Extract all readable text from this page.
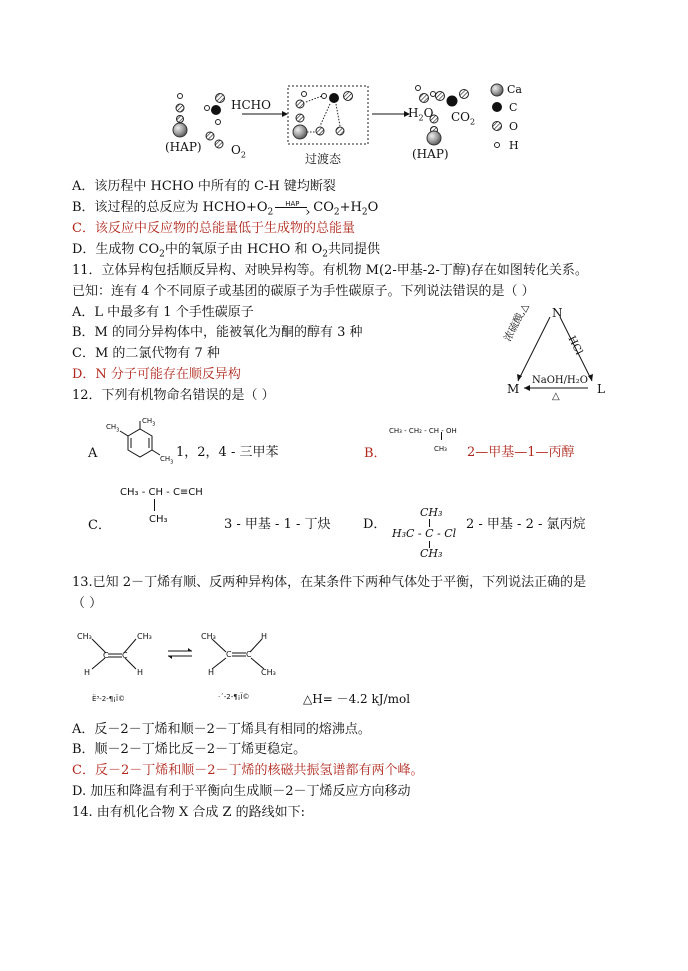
HCHO
(HAP) $O_2$	过渡态
$H_2O$ $CO_2$
(HAP)
Ca
C
O
H
A．该历程中 HCHO 中所有的 C-H 键均断裂
B．该过程的总反应为 $HCHO+O_2$
HAP
› $CO_2+H_2O$
C．该反应中反应物的总能量低于生成物的总能量
D．生成物 $CO_2$中的氧原子由 HCHO 和 $O_2$共同提供
11．立体异构包括顺反异构、对映异构等。有机物 M(2-甲基-2-丁醇)存在如图转化关系。
已知：连有 4 个不同原子或基团的碳原子为手性碳原子。下列说法错误的是（ ）
A．L 中最多有 1 个手性碳原子
B．M 的同分异构体中，能被氧化为酮的醇有 3 种
C．M 的二氯代物有 7 种
D．N 分子可能存在顺反异构
N
M	L
浓硫酸,△
HCl
NaOH/H₂O
△
12．下列有机物命名错误的是（ ）
A
$CH_3$
$CH_3$
$CH_3$
1，2，4 - 三甲苯	B．
CH₃ - CH₂ - CH - OH
CH₃ 2—甲基—1—丙醇
C．
CH₃ - CH - C≡CH
CH₃	3 - 甲基 - 1 - 丁炔 D．
CH₃
H₃C - C - Cl
CH₃
2 - 甲基 - 2 - 氯丙烷
13.已知 2－丁烯有顺、反两种异构体，在某条件下两种气体处于平衡，下列说法正确的是
（ ）
CH₃	CH₃
C C
H	H
CH₃	H
C C
H	CH₃
Ë³-2-¶¡Ï©	·´-2-¶¡Ï©	△H= －4.2 kJ/mol
A．反－2－丁烯和顺－2－丁烯具有相同的熔沸点。
B．顺－2－丁烯比反－2－丁烯更稳定。
C．反－2－丁烯和顺－2－丁烯的核磁共振氢谱都有两个峰。
D. 加压和降温有利于平衡向生成顺－2－丁烯反应方向移动
14. 由有机化合物 X 合成 Z 的路线如下:
